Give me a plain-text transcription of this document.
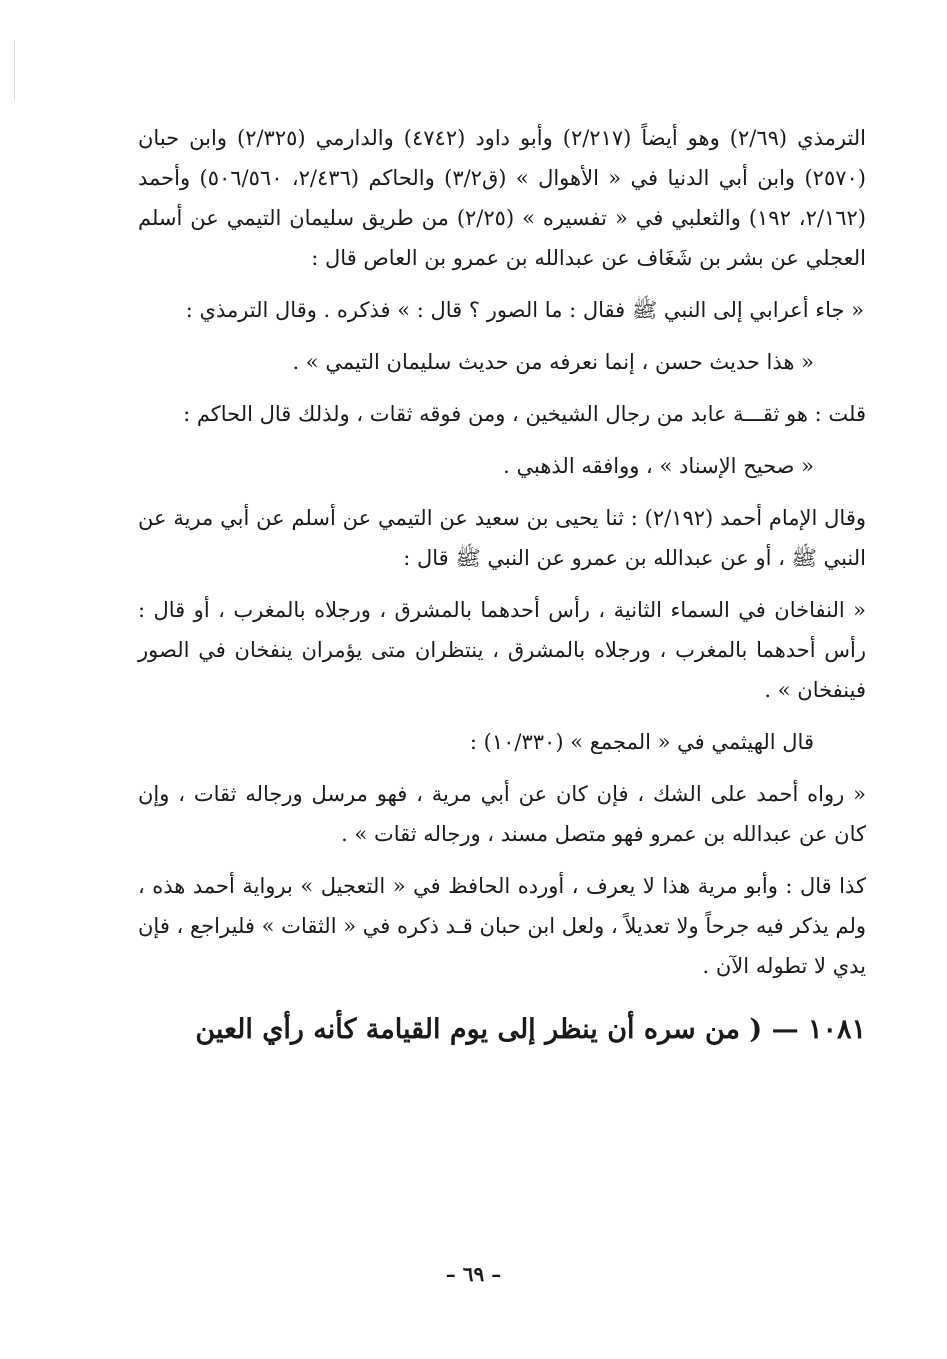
الترمذي (٢/٦٩) وهو أيضاً (٢/٢١٧) وأبو داود (٤٧٤٢) والدارمي (٢/٣٢٥) وابن حبان (٢٥٧٠) وابن أبي الدنيا في « الأهوال » (ق٣/٢) والحاكم (٢/٤٣٦، ٥٠٦/٥٦٠) وأحمد (٢/١٦٢، ١٩٢) والثعلبي في « تفسيره » (٢/٢٥) من طريق سليمان التيمي عن أسلم العجلي عن بشر بن شَغَاف عن عبدالله بن عمرو بن العاص قال :

« جاء أعرابي إلى النبي ﷺ فقال : ما الصور ؟ قال : » فذكره . وقال الترمذي :

« هذا حديث حسن ، إنما نعرفه من حديث سليمان التيمي » .

قلت : هو ثقـــة عابد من رجال الشيخين ، ومن فوقه ثقات ، ولذلك قال الحاكم :

« صحيح الإسناد » ، ووافقه الذهبي .

وقال الإمام أحمد (٢/١٩٢) : ثنا يحيى بن سعيد عن التيمي عن أسلم عن أبي مرية عن النبي ﷺ ، أو عن عبدالله بن عمرو عن النبي ﷺ قال :

« النفاخان في السماء الثانية ، رأس أحدهما بالمشرق ، ورجلاه بالمغرب ، أو قال : رأس أحدهما بالمغرب ، ورجلاه بالمشرق ، ينتظران متى يؤمران ينفخان في الصور فينفخان » .

قال الهيثمي في « المجمع » (١٠/٣٣٠) :

« رواه أحمد على الشك ، فإن كان عن أبي مرية ، فهو مرسل ورجاله ثقات ، وإن كان عن عبدالله بن عمرو فهو متصل مسند ، ورجاله ثقات » .

كذا قال : وأبو مرية هذا لا يعرف ، أورده الحافظ في « التعجيل » برواية أحمد هذه ، ولم يذكر فيه جرحاً ولا تعديلاً ، ولعل ابن حبان قـد ذكره في « الثقات » فليراجع ، فإن يدي لا تطوله الآن .

١٠٨١ — ( من سره أن ينظر إلى يوم القيامة كأنه رأي العين

– ٦٩ –
